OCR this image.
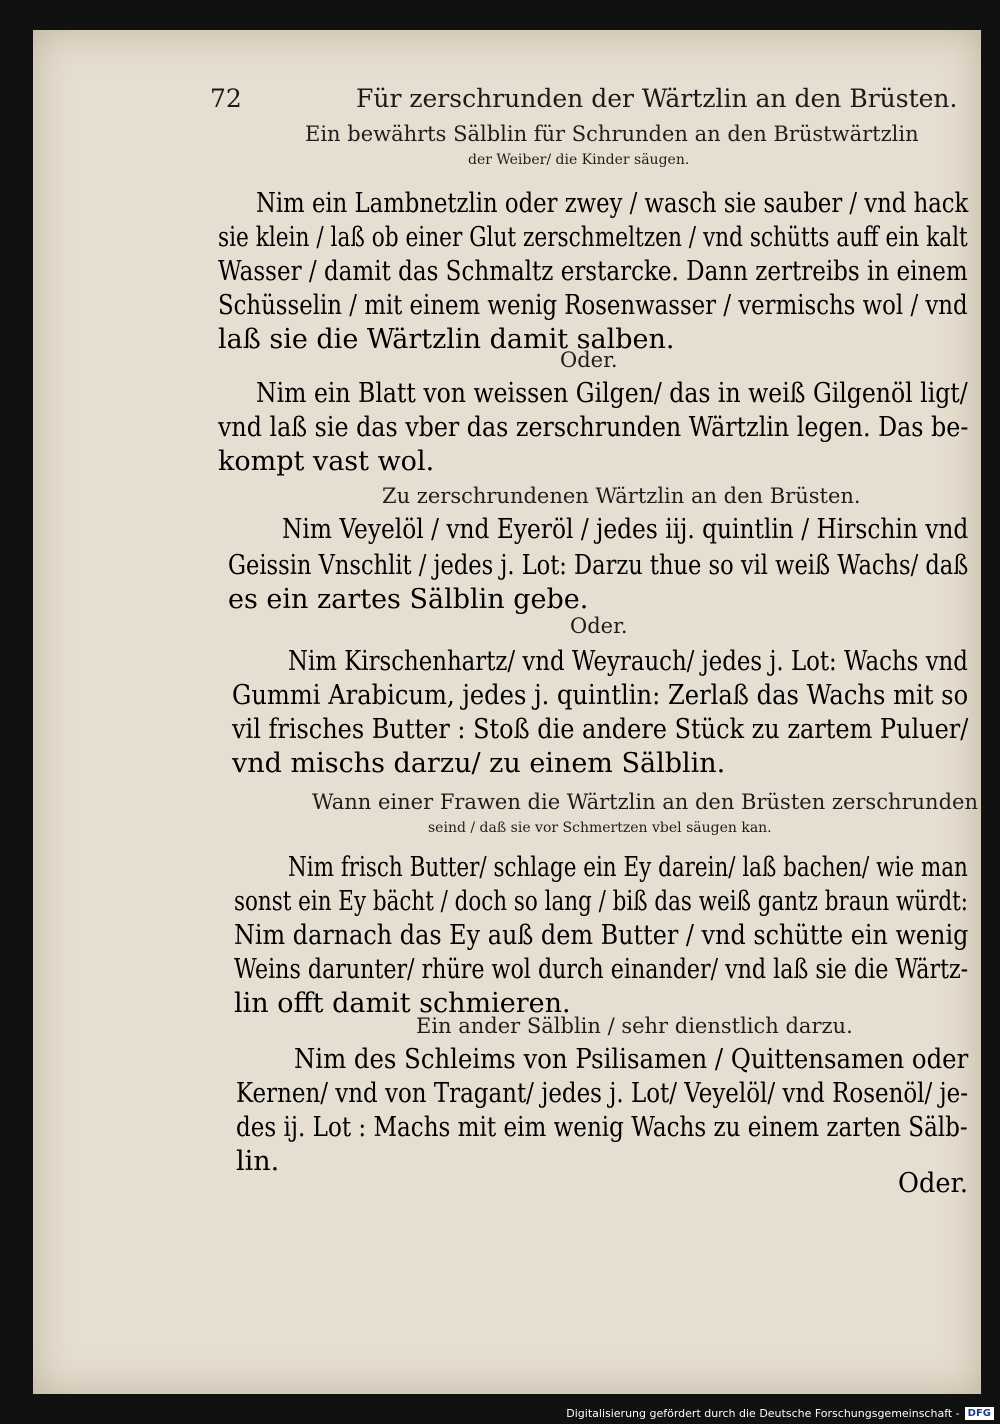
72	Für zerschrunden der Wärtzlin an den Brüsten.
Ein bewährts Sälblin für Schrunden an den Brüstwärtzlin
der Weiber/ die Kinder säugen.
Nim ein Lambnetzlin oder zwey / wasch sie sauber / vnd hack
sie klein / laß ob einer Glut zerschmeltzen / vnd schütts auff ein kalt
Wasser / damit das Schmaltz erstarcke. Dann zertreibs in einem
Schüsselin / mit einem wenig Rosenwasser / vermischs wol / vnd
laß sie die Wärtzlin damit salben.
Oder.
Nim ein Blatt von weissen Gilgen/ das in weiß Gilgenöl ligt/
vnd laß sie das vber das zerschrunden Wärtzlin legen. Das be-
kompt vast wol.
Zu zerschrundenen Wärtzlin an den Brüsten.
Nim Veyelöl / vnd Eyeröl / jedes iij. quintlin / Hirschin vnd
Geissin Vnschlit / jedes j. Lot: Darzu thue so vil weiß Wachs/ daß
es ein zartes Sälblin gebe.
Oder.
Nim Kirschenhartz/ vnd Weyrauch/ jedes j. Lot: Wachs vnd
Gummi Arabicum, jedes j. quintlin: Zerlaß das Wachs mit so
vil frisches Butter : Stoß die andere Stück zu zartem Puluer/
vnd mischs darzu/ zu einem Sälblin.
Wann einer Frawen die Wärtzlin an den Brüsten zerschrunden
seind / daß sie vor Schmertzen vbel säugen kan.
Nim frisch Butter/ schlage ein Ey darein/ laß bachen/ wie man
sonst ein Ey bächt / doch so lang / biß das weiß gantz braun würdt:
Nim darnach das Ey auß dem Butter / vnd schütte ein wenig
Weins darunter/ rhüre wol durch einander/ vnd laß sie die Wärtz-
lin offt damit schmieren.
Ein ander Sälblin / sehr dienstlich darzu.
Nim des Schleims von Psilisamen / Quittensamen oder
Kernen/ vnd von Tragant/ jedes j. Lot/ Veyelöl/ vnd Rosenöl/ je-
des ij. Lot : Machs mit eim wenig Wachs zu einem zarten Sälb-
lin.
Oder.
Digitalisierung gefördert durch die Deutsche Forschungsgemeinschaft - DFG
